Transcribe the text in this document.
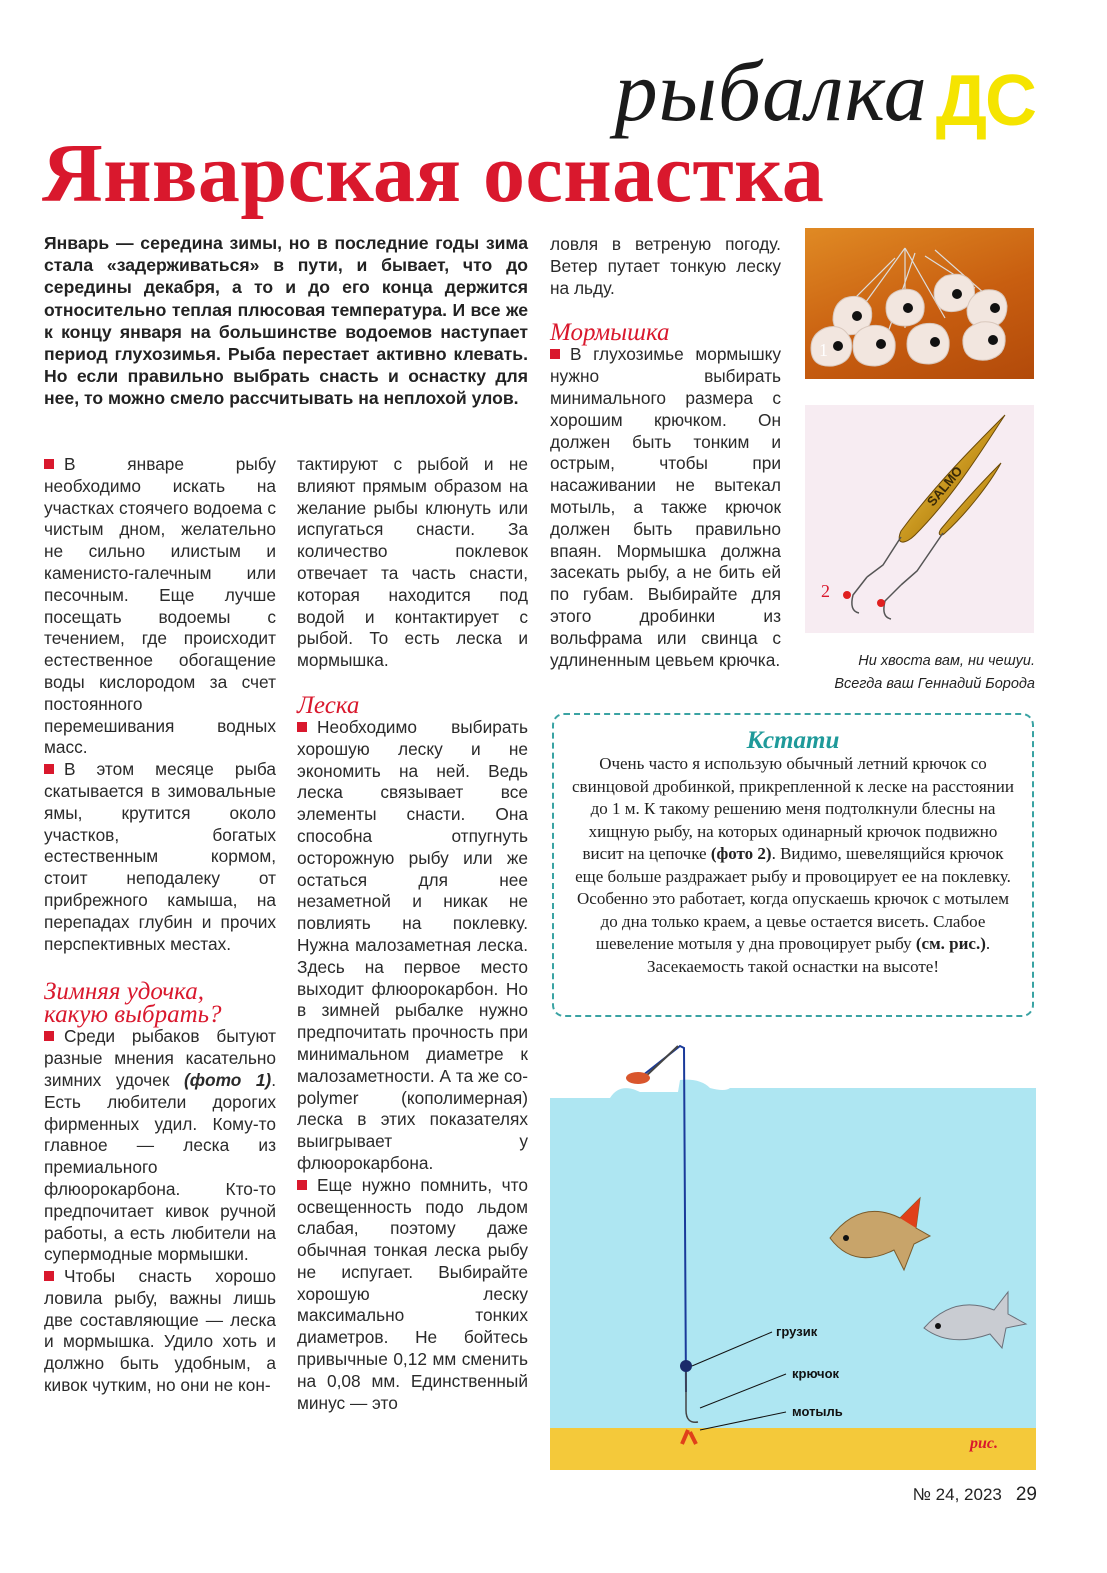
рыбалка ДС
Январская оснастка
Январь — середина зимы, но в последние годы зима стала «задерживаться» в пути, и бывает, что до середины декабря, а то и до его конца держится относительно теплая плюсовая температура. И все же к концу января на большинстве водоемов наступает период глухозимья. Рыба перестает активно клевать. Но если правильно выбрать снасть и оснастку для нее, то можно смело рассчитывать на неплохой улов.

В январе рыбу необходимо искать на участках стоячего водоема с чистым дном, желательно не сильно илистым и каменисто-галечным или песочным. Еще лучше посещать водоемы с течением, где происходит естественное обогащение воды кислородом за счет постоянного перемешивания водных масс.

В этом месяце рыба скатывается в зимовальные ямы, крутится около участков, богатых естественным кормом, стоит неподалеку от прибрежного камыша, на перепадах глубин и прочих перспективных местах.

Зимняя удочка,
какую выбрать?

Среди рыбаков бытуют разные мнения касательно зимних удочек (фото 1). Есть любители дорогих фирменных удил. Кому-то главное — леска из премиального флюорокарбона. Кто-то предпочитает кивок ручной работы, а есть любители на супермодные мормышки.

Чтобы снасть хорошо ловила рыбу, важны лишь две составляющие — леска и мормышка. Удило хоть и должно быть удобным, а кивок чутким, но они не кон-

тактируют с рыбой и не влияют прямым образом на желание рыбы клюнуть или испугаться снасти. За количество поклевок отвечает та часть снасти, которая находится под водой и контактирует с рыбой. То есть леска и мормышка.

Леска

Необходимо выбирать хорошую леску и не экономить на ней. Ведь леска связывает все элементы снасти. Она способна отпугнуть осторожную рыбу или же остаться для нее незаметной и никак не повлиять на поклевку. Нужна малозаметная леска. Здесь на первое место выходит флюорокарбон. Но в зимней рыбалке нужно предпочитать прочность при минимальном диаметре к малозаметности. А та же co-polymer (кополимерная) леска в этих показателях выигрывает у флюорокарбона.

Еще нужно помнить, что освещенность подо льдом слабая, поэтому даже обычная тонкая леска рыбу не испугает. Выбирайте хорошую леску максимально тонких диаметров. Не бойтесь привычные 0,12 мм сменить на 0,08 мм. Единственный минус — это

ловля в ветреную погоду. Ветер путает тонкую леску на льду.

Мормышка

В глухозимье мормышку нужно выбирать минимального размера с хорошим крючком. Он должен быть тонким и острым, чтобы при насаживании не вытекал мотыль, а также крючок должен быть правильно впаян. Мормышка должна засекать рыбу, а не бить ей по губам. Выбирайте для этого дробинки из вольфрама или свинца с удлиненным цевьем крючка.

1
SALMO
2
Ни хвоста вам, ни чешуи.
Всегда ваш Геннадий Борода
Кстати
Очень часто я использую обычный летний крючок со свинцовой дробинкой, прикрепленной к леске на расстоянии до 1 м. К такому решению меня подтолкнули блесны на хищную рыбу, на которых одинарный крючок подвижно висит на цепочке (фото 2). Видимо, шевелящийся крючок еще больше раздражает рыбу и провоцирует ее на поклевку. Особенно это работает, когда опускаешь крючок с мотылем до дна только краем, а цевье остается висеть. Слабое шевеление мотыля у дна провоцирует рыбу (см. рис.). Засекаемость такой оснастки на высоте!
грузик
крючок
мотыль
рис.
№ 24, 2023 29
